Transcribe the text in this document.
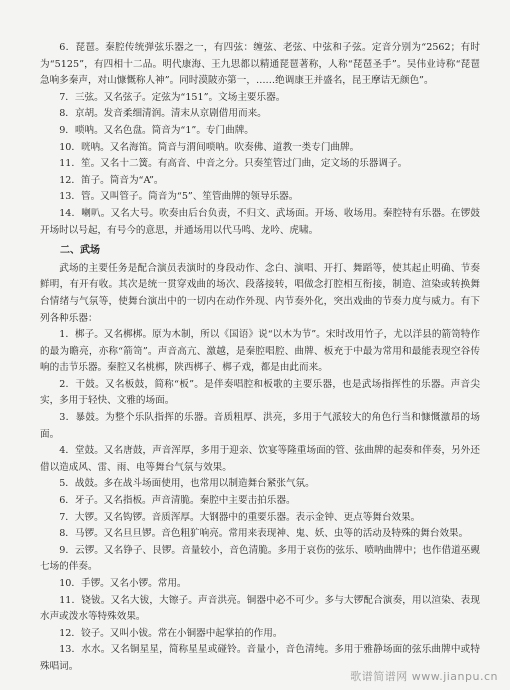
6．琵琶。秦腔传统弹弦乐器之一，有四弦：缠弦、老弦、中弦和子弦。定音分别为“2562；有时为“5125”，有四相十二品。明代康海、王九思都以精通琵琶著称，人称“琵琶圣手”。吴伟业诗称“琵琶急响多秦声，对山慷慨称人神”。同时漠陂亦第一，……绝调康王并盛名，昆王摩诘无颜色”。

7．三弦。又名弦子。定弦为“151”。文场主要乐器。

8．京胡。发音柔细清润。清末从京剧借用而来。

9．唢呐。又名色盘。筒音为“1”。专门曲牌。

10．咣呐。又名海笛。筒音与渭间唢呐。吹奏佛、道教一类专门曲牌。

11．笙。又名十二簧。有高音、中音之分。只奏笙管过门曲，定文场的乐器调子。

12．笛子。筒音为“A”。

13．管。又叫管子。筒音为“5”、笙管曲牌的领导乐器。

14．喇叭。又名大号。吹奏由后台负责，不归文、武场面。开场、收场用。秦腔特有乐器。在锣鼓开场时以号起，有号今的意思，并通场用以代马鸣、龙吟、虎啸。

二、武场

武场的主要任务是配合演员表演时的身段动作、念白、演唱、开打、舞蹈等，使其起止明确、节奏鲜明，有开有收。其次是统一贯穿戏曲的场次、段落接转，唱做念打腔相互衔接，制造、渲染或转换舞台情绪与气氛等，使舞台演出中的一切内在动作外现、内节奏外化，突出戏曲的节奏力度与威力。有下列各种乐器：

1．梆子。又名梆梆。原为木制，所以《国语》说“以木为节”。宋时改用竹子，尤以洋县的箭笥特作的最为瞻亮，亦称“箭笥”。声音高亢、激越，是秦腔唱腔、曲牌、板充于中最为常用和最能表现空谷传响的击节乐器。秦腔又名桃梆，陕西梆子、梆子戏，都是由此而来。

2．干鼓。又名板鼓，简称“板”。是伴奏唱腔和板歌的主要乐器，也是武场指挥性的乐器。声音尖实，多用于轻快、文雅的场面。

3．暴鼓。为整个乐队指挥的乐器。音质粗厚、洪亮，多用于气派较大的角色行当和慷慨激昂的场面。

4．堂鼓。又名唐鼓，声音浑厚，多用于迎亲、饮宴等隆重场面的管、弦曲牌的起奏和伴奏，另外还借以造成风、雷、雨、电等舞台气氛与效果。

5．战鼓。多在战斗场面使用，也常用以制造舞台紧张气氛。

6．牙子。又名指板。声音清脆。秦腔中主要击拍乐器。

7．大锣。又名钩锣。音质浑厚。大钢器中的重要乐器。表示金钟、更点等舞台效果。

8．马锣。又名旦旦锣。音色粗犷响亮。常用来表现神、鬼、妖、虫等的活动及特殊的舞台效果。

9．云锣。又名铮子、艮锣。音量较小，音色清脆。多用于哀伤的弦乐、喷呐曲牌中；也作借道巫觋七场的伴奏。

10．手锣。又名小锣。常用。

11．铙钹。又名大钹，大镲子。声音洪亮。铜器中必不可少。多与大锣配合演奏，用以渲染、表现水声或泼水等特殊效果。

12．铰子。又叫小钹。常在小铜器中起掌拍的作用。

13．水水。又名铜星星，简称星星或碰铃。音量小，音色清纯。多用于雅静场面的弦乐曲牌中或特殊唱词。

歌谱简谱网 www.jianpu.cn
